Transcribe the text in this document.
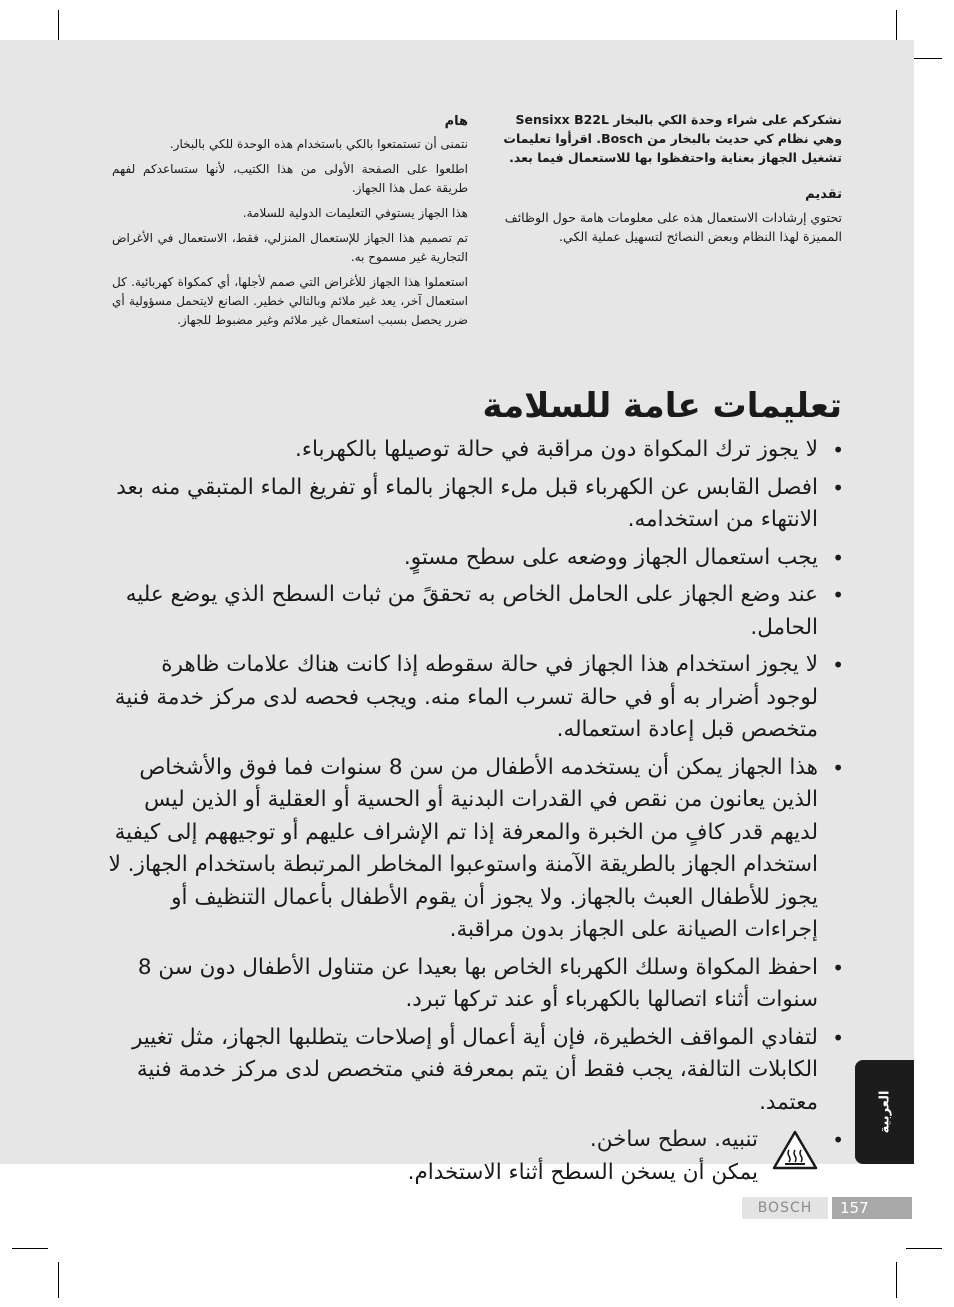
نشكركم على شراء وحدة الكي بالبخار Sensixx B22L وهي نظام كي حديث بالبخار من Bosch. اقرأوا تعليمات تشغيل الجهاز بعناية واحتفظوا بها للاستعمال فيما بعد.

تقديم

تحتوي إرشادات الاستعمال هذه على معلومات هامة حول الوظائف المميزة لهذا النظام وبعض النصائح لتسهيل عملية الكي.

هام

نتمنى أن تستمتعوا بالكي باستخدام هذه الوحدة للكي بالبخار.

اطلعوا على الصفحة الأولى من هذا الكتيب، لأنها ستساعدكم لفهم طريقة عمل هذا الجهاز.

هذا الجهاز يستوفي التعليمات الدولية للسلامة.

تم تصميم هذا الجهاز للإستعمال المنزلي، فقط، الاستعمال في الأغراض التجارية غير مسموح به.

استعملوا هذا الجهاز للأغراض التي صمم لأجلها، أي كمكواة كهربائية. كل استعمال آخر، يعد غير ملائم وبالتالي خطير. الصانع لايتحمل مسؤولية أي ضرر يحصل بسبب استعمال غير ملائم وغير مضبوط للجهاز.

تعليمات عامة للسلامة
•
لا يجوز ترك المكواة دون مراقبة في حالة توصيلها بالكهرباء.
•
افصل القابس عن الكهرباء قبل ملء الجهاز بالماء أو تفريغ الماء المتبقي منه بعد الانتهاء من استخدامه.
•
يجب استعمال الجهاز ووضعه على سطح مستوٍ.
•
عند وضع الجهاز على الحامل الخاص به تحققً من ثبات السطح الذي يوضع عليه الحامل.
•
لا يجوز استخدام هذا الجهاز في حالة سقوطه إذا كانت هناك علامات ظاهرة لوجود أضرار به أو في حالة تسرب الماء منه. ويجب فحصه لدى مركز خدمة فنية متخصص قبل إعادة استعماله.
•
هذا الجهاز يمكن أن يستخدمه الأطفال من سن 8 سنوات فما فوق والأشخاص الذين يعانون من نقص في القدرات البدنية أو الحسية أو العقلية أو الذين ليس لديهم قدر كافٍ من الخبرة والمعرفة إذا تم الإشراف عليهم أو توجيههم إلى كيفية استخدام الجهاز بالطريقة الآمنة واستوعبوا المخاطر المرتبطة باستخدام الجهاز. لا يجوز للأطفال العبث بالجهاز. ولا يجوز أن يقوم الأطفال بأعمال التنظيف أو إجراءات الصيانة على الجهاز بدون مراقبة.
•
احفظ المكواة وسلك الكهرباء الخاص بها بعيدا عن متناول الأطفال دون سن 8 سنوات أثناء اتصالها بالكهرباء أو عند تركها تبرد.
•
لتفادي المواقف الخطيرة، فإن أية أعمال أو إصلاحات يتطلبها الجهاز، مثل تغيير الكابلات التالفة، يجب فقط أن يتم بمعرفة فني متخصص لدى مركز خدمة فنية معتمد.
•
تنبيه. سطح ساخن.
يمكن أن يسخن السطح أثناء الاستخدام.
العربية
BOSCH	157
